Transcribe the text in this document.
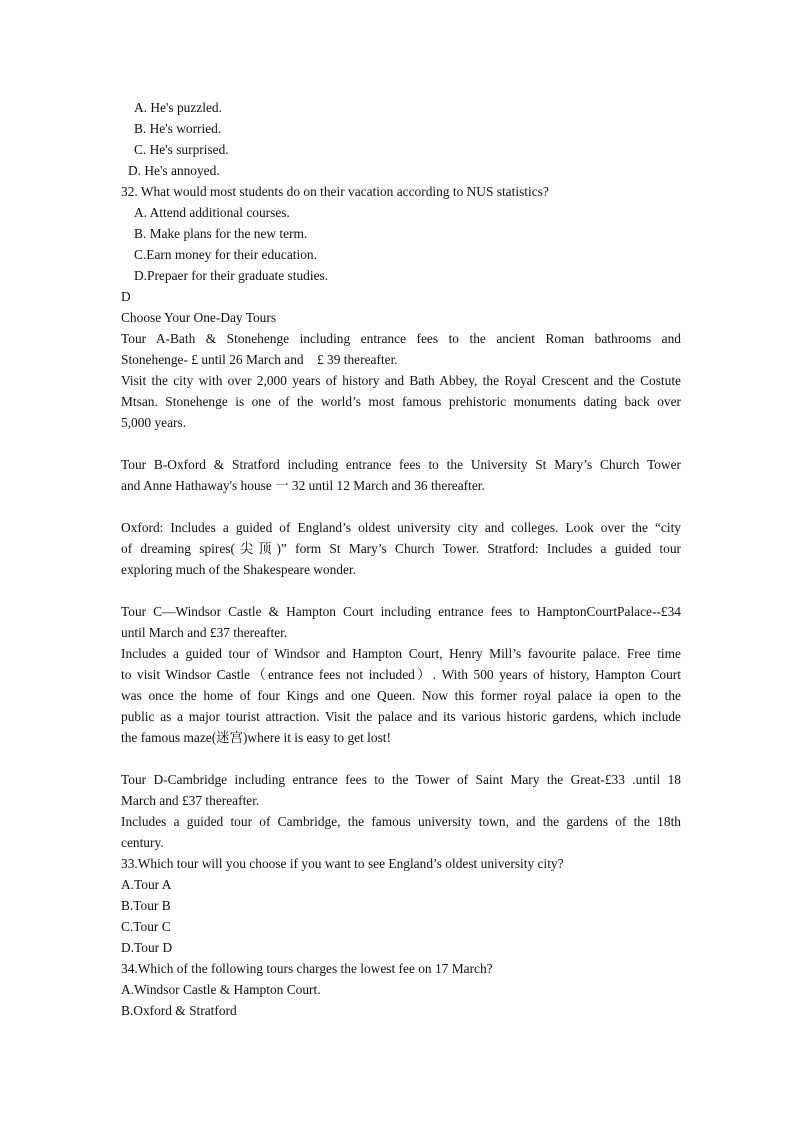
A. He's puzzled.
B. He's worried.
C. He's surprised.
D. He's annoyed.
32. What would most students do on their vacation according to NUS statistics?
A. Attend additional courses.
B. Make plans for the new term.
C.Earn money for their education.
D.Prepaer for their graduate studies.
D
Choose Your One-Day Tours
Tour A-Bath & Stonehenge including entrance fees to the ancient Roman bathrooms and
Stonehenge- £ until 26 March and　£ 39 thereafter.
Visit the city with over 2,000 years of history and Bath Abbey, the Royal Crescent and the Costute
Mtsan. Stonehenge is one of the world’s most famous prehistoric monuments dating back over
5,000 years.
Tour B-Oxford & Stratford including entrance fees to the University St Mary’s Church Tower
and Anne Hathaway's house 一 32 until 12 March and 36 thereafter.
Oxford: Includes a guided of England’s oldest university city and colleges. Look over the “city
of dreaming spires(尖顶)” form St Mary’s Church Tower. Stratford: Includes a guided tour
exploring much of the Shakespeare wonder.
Tour C—Windsor Castle & Hampton Court including entrance fees to HamptonCourtPalace--£34
until March and £37 thereafter.
Includes a guided tour of Windsor and Hampton Court, Henry Mill’s favourite palace. Free time
to visit Windsor Castle（entrance fees not included）. With 500 years of history, Hampton Court
was once the home of four Kings and one Queen. Now this former royal palace ia open to the
public as a major tourist attraction. Visit the palace and its various historic gardens, which include
the famous maze(迷宫)where it is easy to get lost!
Tour D-Cambridge including entrance fees to the Tower of Saint Mary the Great-£33 .until 18
March and £37 thereafter.
Includes a guided tour of Cambridge, the famous university town, and the gardens of the 18th
century.
33.Which tour will you choose if you want to see England’s oldest university city?
A.Tour A
B.Tour B
C.Tour C
D.Tour D
34.Which of the following tours charges the lowest fee on 17 March?
A.Windsor Castle & Hampton Court.
B.Oxford & Stratford
